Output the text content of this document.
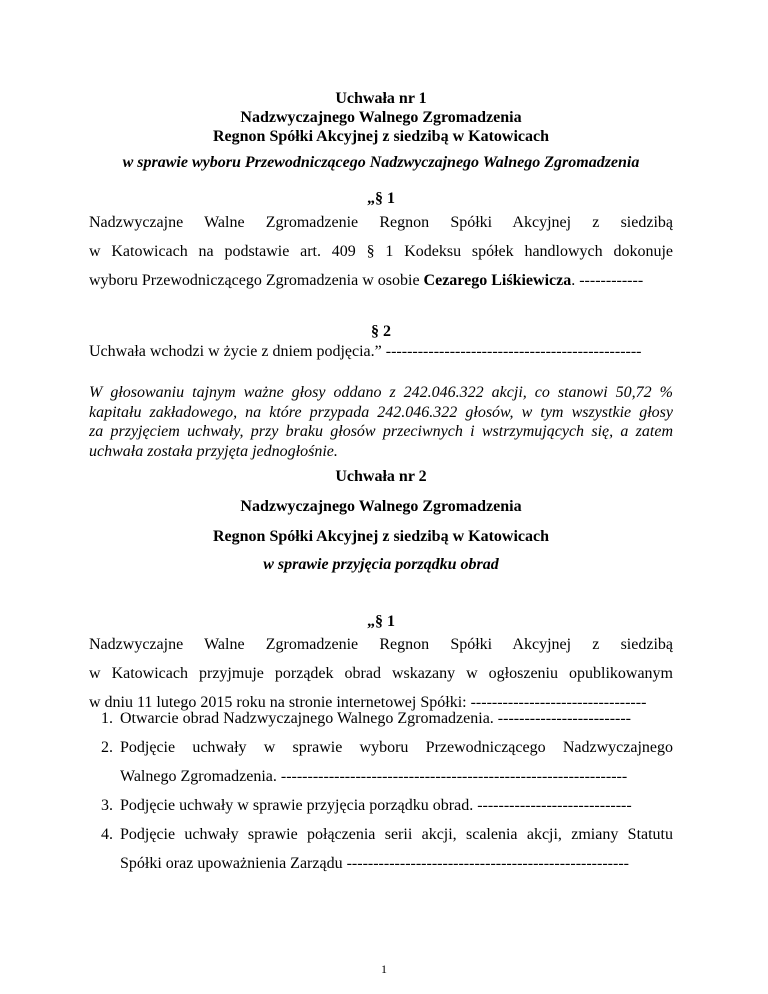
Uchwała nr 1
Nadzwyczajnego Walnego Zgromadzenia
Regnon Spółki Akcyjnej z siedzibą w Katowicach
w sprawie wyboru Przewodniczącego Nadzwyczajnego Walnego Zgromadzenia
„§ 1
Nadzwyczajne Walne Zgromadzenie Regnon Spółki Akcyjnej z siedzibą
w Katowicach na podstawie art. 409 § 1 Kodeksu spółek handlowych dokonuje
wyboru Przewodniczącego Zgromadzenia w osobie Cezarego Liśkiewicza. ------------
§ 2
Uchwała wchodzi w życie z dniem podjęcia.” ------------------------------------------------
W głosowaniu tajnym ważne głosy oddano z 242.046.322 akcji, co stanowi 50,72 %
kapitału zakładowego, na które przypada 242.046.322 głosów, w tym wszystkie głosy
za przyjęciem uchwały, przy braku głosów przeciwnych i wstrzymujących się, a zatem
uchwała została przyjęta jednogłośnie.
Uchwała nr 2
Nadzwyczajnego Walnego Zgromadzenia
Regnon Spółki Akcyjnej z siedzibą w Katowicach
w sprawie przyjęcia porządku obrad
„§ 1
Nadzwyczajne Walne Zgromadzenie Regnon Spółki Akcyjnej z siedzibą
w Katowicach przyjmuje porządek obrad wskazany w ogłoszeniu opublikowanym
w dniu 11 lutego 2015 roku na stronie internetowej Spółki: ---------------------------------
1. Otwarcie obrad Nadzwyczajnego Walnego Zgromadzenia. -------------------------
2. Podjęcie uchwały w sprawie wyboru Przewodniczącego Nadzwyczajnego
Walnego Zgromadzenia. -----------------------------------------------------------------
3. Podjęcie uchwały w sprawie przyjęcia porządku obrad. -----------------------------
4. Podjęcie uchwały sprawie połączenia serii akcji, scalenia akcji, zmiany Statutu
Spółki oraz upoważnienia Zarządu -----------------------------------------------------
1
